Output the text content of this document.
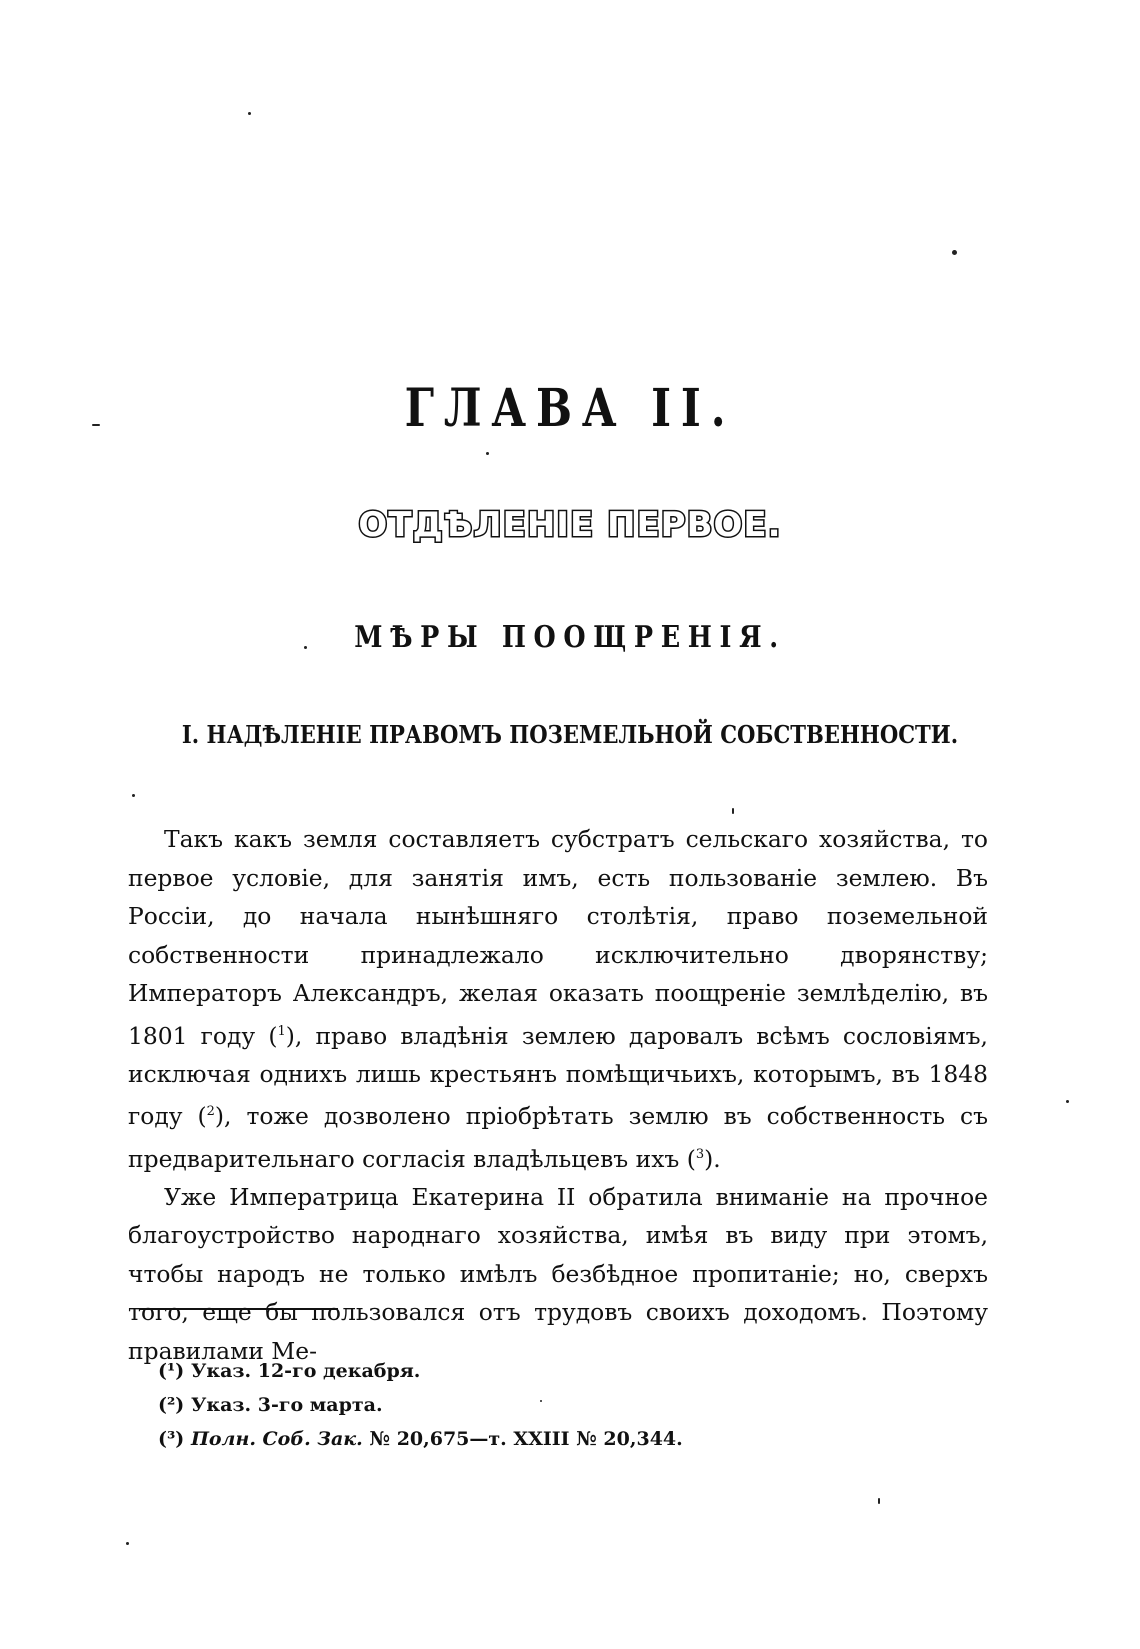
ГЛАВА II.
ОТДѢЛЕНІЕ ПЕРВОЕ.
МѢРЫ ПООЩРЕНІЯ.
I. НАДѢЛЕНІЕ ПРАВОМЪ ПОЗЕМЕЛЬНОЙ СОБСТВЕННОСТИ.

Такъ какъ земля составляетъ субстратъ сельскаго хозяйства, то первое условіе, для занятія имъ, есть пользованіе землею. Въ Россіи, до начала нынѣшняго столѣтія, право поземельной собственности принадлежало исключительно дворянству; Императоръ Александръ, желая оказать поощреніе землѣделію, въ 1801 году ($^1$), право владѣнія землею даровалъ всѣмъ сословіямъ, исключая однихъ лишь крестьянъ помѣщичьихъ, которымъ, въ 1848 году ($^2$), тоже дозволено пріобрѣтать землю въ собственность съ предварительнаго согласія владѣльцевъ ихъ ($^3$).

Уже Императрица Екатерина II обратила вниманіе на прочное благоустройство народнаго хозяйства, имѣя въ виду при этомъ, чтобы народъ не только имѣлъ безбѣдное пропитаніе; но, сверхъ того, еще бы пользовался отъ трудовъ своихъ доходомъ. Поэтому правилами Ме-

(¹) Указ. 12-го декабря.
(²) Указ. 3-го марта.
(³) Полн. Соб. Зак. № 20,675—т. XXIII № 20,344.
